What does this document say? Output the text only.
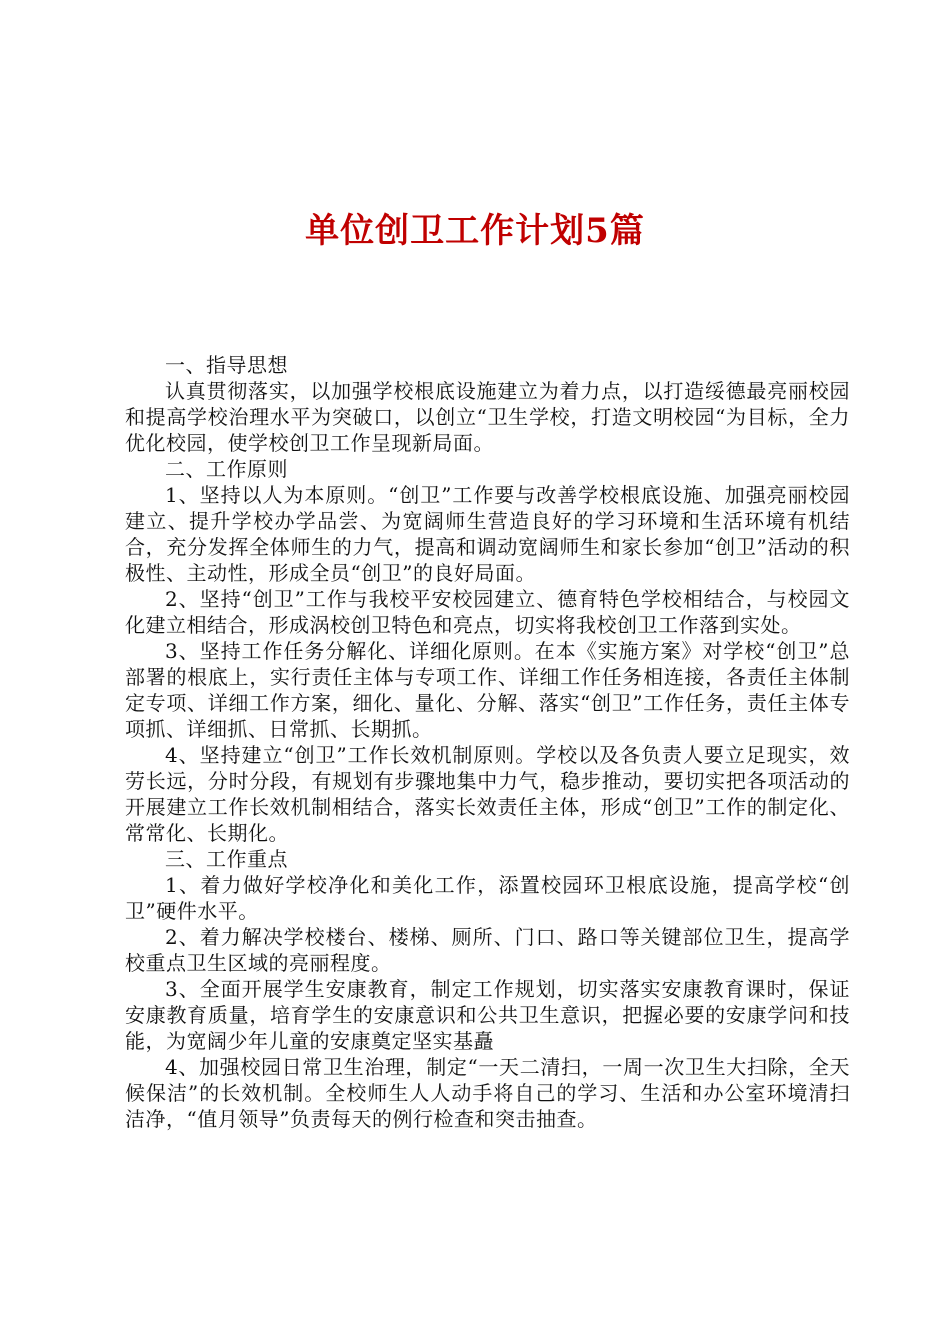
单位创卫工作计划5篇

一、指导思想

认真贯彻落实，以加强学校根底设施建立为着力点，以打造绥德最亮丽校园和提高学校治理水平为突破口，以创立“卫生学校，打造文明校园“为目标，全力优化校园，使学校创卫工作呈现新局面。

二、工作原则

1、坚持以人为本原则。“创卫”工作要与改善学校根底设施、加强亮丽校园建立、提升学校办学品尝、为宽阔师生营造良好的学习环境和生活环境有机结合，充分发挥全体师生的力气，提高和调动宽阔师生和家长参加“创卫”活动的积极性、主动性，形成全员“创卫”的良好局面。

2、坚持“创卫”工作与我校平安校园建立、德育特色学校相结合，与校园文化建立相结合，形成涡校创卫特色和亮点，切实将我校创卫工作落到实处。

3、坚持工作任务分解化、详细化原则。在本《实施方案》对学校“创卫”总部署的根底上，实行责任主体与专项工作、详细工作任务相连接，各责任主体制定专项、详细工作方案，细化、量化、分解、落实“创卫”工作任务，责任主体专项抓、详细抓、日常抓、长期抓。

4、坚持建立“创卫”工作长效机制原则。学校以及各负责人要立足现实，效劳长远，分时分段，有规划有步骤地集中力气，稳步推动，要切实把各项活动的开展建立工作长效机制相结合，落实长效责任主体，形成“创卫”工作的制定化、常常化、长期化。

三、工作重点

1、着力做好学校净化和美化工作，添置校园环卫根底设施，提高学校“创卫”硬件水平。

2、着力解决学校楼台、楼梯、厕所、门口、路口等关键部位卫生，提高学校重点卫生区域的亮丽程度。

3、全面开展学生安康教育，制定工作规划，切实落实安康教育课时，保证安康教育质量，培育学生的安康意识和公共卫生意识，把握必要的安康学问和技能，为宽阔少年儿童的安康奠定坚实基矗

4、加强校园日常卫生治理，制定“一天二清扫，一周一次卫生大扫除，全天候保洁”的长效机制。全校师生人人动手将自己的学习、生活和办公室环境清扫洁净，“值月领导”负责每天的例行检查和突击抽查。
